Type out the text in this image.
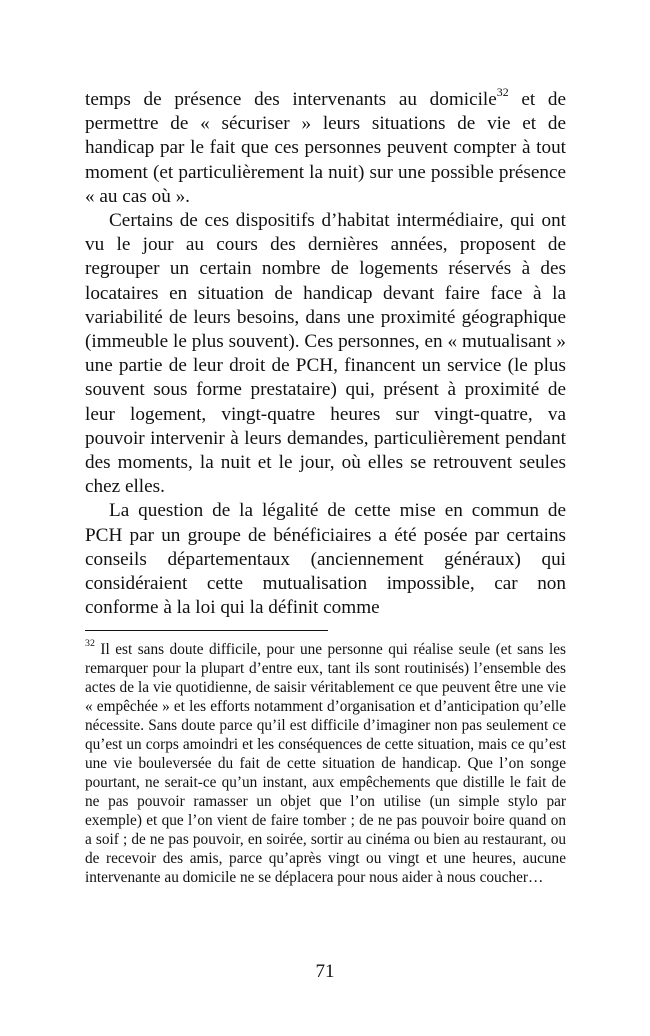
temps de présence des intervenants au domicile$^{32}$ et de permettre de « sécuriser » leurs situations de vie et de handicap par le fait que ces personnes peuvent compter à tout moment (et particulièrement la nuit) sur une possible présence « au cas où ».

Certains de ces dispositifs d’habitat intermédiaire, qui ont vu le jour au cours des dernières années, proposent de regrouper un certain nombre de logements réservés à des locataires en situation de handicap devant faire face à la variabilité de leurs besoins, dans une proximité géographique (immeuble le plus souvent). Ces personnes, en « mutualisant » une partie de leur droit de PCH, financent un service (le plus souvent sous forme prestataire) qui, présent à proximité de leur logement, vingt-quatre heures sur vingt-quatre, va pouvoir intervenir à leurs demandes, particulièrement pendant des moments, la nuit et le jour, où elles se retrouvent seules chez elles.

La question de la légalité de cette mise en commun de PCH par un groupe de bénéficiaires a été posée par certains conseils départementaux (anciennement généraux) qui considéraient cette mutualisation impossible, car non conforme à la loi qui la définit comme

$^{32}$ Il est sans doute difficile, pour une personne qui réalise seule (et sans les remarquer pour la plupart d’entre eux, tant ils sont routinisés) l’ensemble des actes de la vie quotidienne, de saisir véritablement ce que peuvent être une vie « empêchée » et les efforts notamment d’organisation et d’anticipation qu’elle nécessite. Sans doute parce qu’il est difficile d’imaginer non pas seulement ce qu’est un corps amoindri et les conséquences de cette situation, mais ce qu’est une vie bouleversée du fait de cette situation de handicap. Que l’on songe pourtant, ne serait-ce qu’un instant, aux empêchements que distille le fait de ne pas pouvoir ramasser un objet que l’on utilise (un simple stylo par exemple) et que l’on vient de faire tomber ; de ne pas pouvoir boire quand on a soif ; de ne pas pouvoir, en soirée, sortir au cinéma ou bien au restaurant, ou de recevoir des amis, parce qu’après vingt ou vingt et une heures, aucune intervenante au domicile ne se déplacera pour nous aider à nous coucher…

71
